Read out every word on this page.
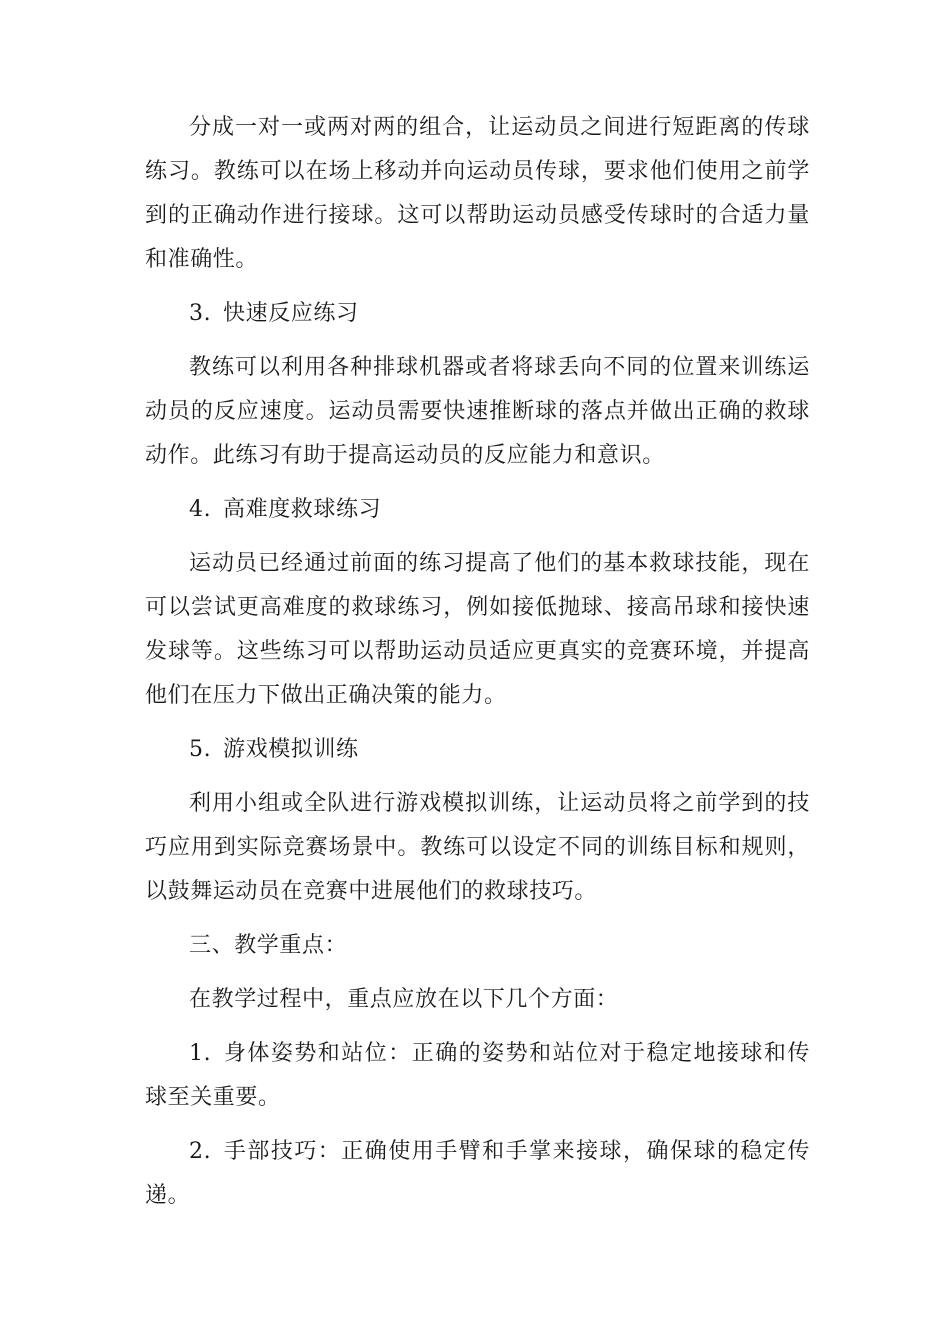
分成一对一或两对两的组合，让运动员之间进行短距离的传球练习。教练可以在场上移动并向运动员传球，要求他们使用之前学到的正确动作进行接球。这可以帮助运动员感受传球时的合适力量和准确性。

3. 快速反应练习

教练可以利用各种排球机器或者将球丢向不同的位置来训练运动员的反应速度。运动员需要快速推断球的落点并做出正确的救球动作。此练习有助于提高运动员的反应能力和意识。

4. 高难度救球练习

运动员已经通过前面的练习提高了他们的基本救球技能，现在可以尝试更高难度的救球练习，例如接低抛球、接高吊球和接快速发球等。这些练习可以帮助运动员适应更真实的竞赛环境，并提高他们在压力下做出正确决策的能力。

5. 游戏模拟训练

利用小组或全队进行游戏模拟训练，让运动员将之前学到的技巧应用到实际竞赛场景中。教练可以设定不同的训练目标和规则，以鼓舞运动员在竞赛中进展他们的救球技巧。

三、教学重点：

在教学过程中，重点应放在以下几个方面：

1. 身体姿势和站位：正确的姿势和站位对于稳定地接球和传球至关重要。

2. 手部技巧：正确使用手臂和手掌来接球，确保球的稳定传递。
